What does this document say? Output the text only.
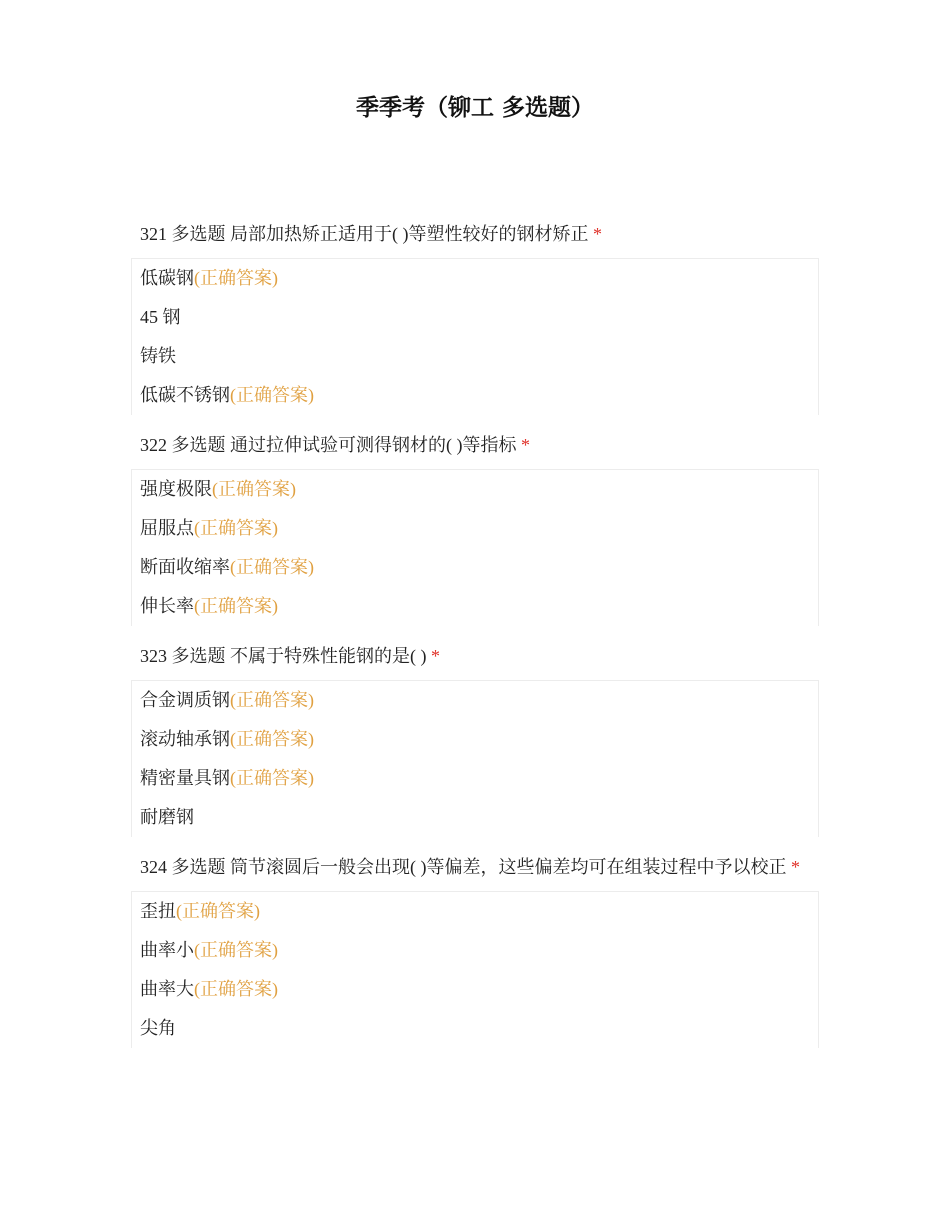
季季考（铆工 多选题）
321 多选题 局部加热矫正适用于( )等塑性较好的钢材矫正 *
低碳钢(正确答案)
45 钢
铸铁
低碳不锈钢(正确答案)
322 多选题 通过拉伸试验可测得钢材的( )等指标 *
强度极限(正确答案)
屈服点(正确答案)
断面收缩率(正确答案)
伸长率(正确答案)
323 多选题 不属于特殊性能钢的是( ) *
合金调质钢(正确答案)
滚动轴承钢(正确答案)
精密量具钢(正确答案)
耐磨钢
324 多选题 筒节滚圆后一般会出现( )等偏差，这些偏差均可在组装过程中予以校正 *
歪扭(正确答案)
曲率小(正确答案)
曲率大(正确答案)
尖角
